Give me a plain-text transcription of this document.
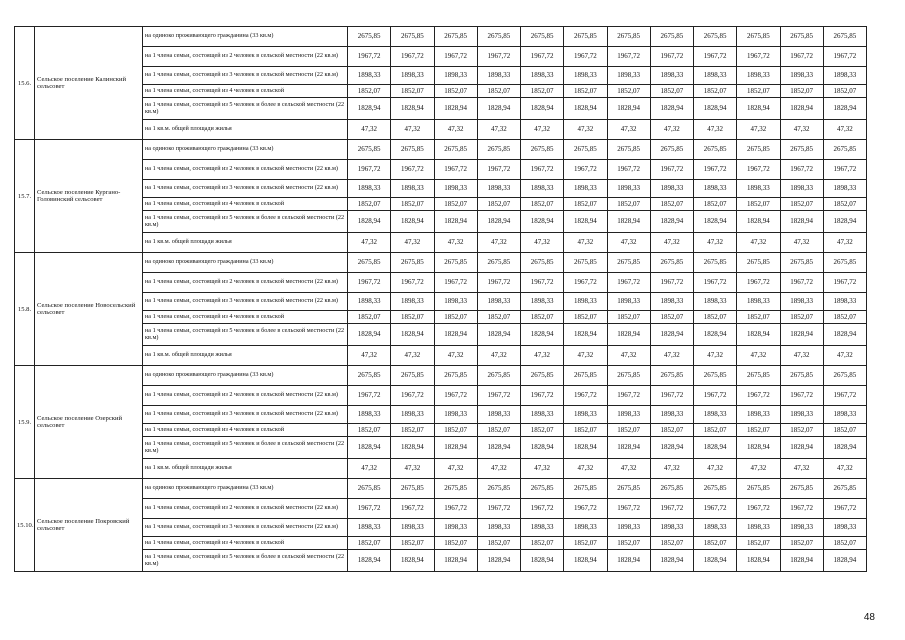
15.6.	Сельское поселение Калинский сельсовет	на одиноко проживающего гражданина (33 кв.м)	2675,85	2675,85	2675,85	2675,85	2675,85	2675,85	2675,85	2675,85	2675,85	2675,85	2675,85	2675,85
		на 1 члена семьи, состоящей из 2 человек в сельской местности (22 кв.м)	1967,72	1967,72	1967,72	1967,72	1967,72	1967,72	1967,72	1967,72	1967,72	1967,72	1967,72	1967,72
		на 1 члена семьи, состоящей из 3 человек в сельской местности (22 кв.м)	1898,33	1898,33	1898,33	1898,33	1898,33	1898,33	1898,33	1898,33	1898,33	1898,33	1898,33	1898,33
		на 1 члена семьи, состоящей из 4 человек в сельской	1852,07	1852,07	1852,07	1852,07	1852,07	1852,07	1852,07	1852,07	1852,07	1852,07	1852,07	1852,07
		на 1 члена семьи, состоящей из 5 человек и более в сельской местности (22 кв.м)	1828,94	1828,94	1828,94	1828,94	1828,94	1828,94	1828,94	1828,94	1828,94	1828,94	1828,94	1828,94
		на 1 кв.м. общей площади жилья	47,32	47,32	47,32	47,32	47,32	47,32	47,32	47,32	47,32	47,32	47,32	47,32
15.7.	Сельское поселение Кургано-Головинский сельсовет	на одиноко проживающего гражданина (33 кв.м)	2675,85	2675,85	2675,85	2675,85	2675,85	2675,85	2675,85	2675,85	2675,85	2675,85	2675,85	2675,85
		на 1 члена семьи, состоящей из 2 человек в сельской местности (22 кв.м)	1967,72	1967,72	1967,72	1967,72	1967,72	1967,72	1967,72	1967,72	1967,72	1967,72	1967,72	1967,72
		на 1 члена семьи, состоящей из 3 человек в сельской местности (22 кв.м)	1898,33	1898,33	1898,33	1898,33	1898,33	1898,33	1898,33	1898,33	1898,33	1898,33	1898,33	1898,33
		на 1 члена семьи, состоящей из 4 человек в сельской	1852,07	1852,07	1852,07	1852,07	1852,07	1852,07	1852,07	1852,07	1852,07	1852,07	1852,07	1852,07
		на 1 члена семьи, состоящей из 5 человек и более в сельской местности (22 кв.м)	1828,94	1828,94	1828,94	1828,94	1828,94	1828,94	1828,94	1828,94	1828,94	1828,94	1828,94	1828,94
		на 1 кв.м. общей площади жилья	47,32	47,32	47,32	47,32	47,32	47,32	47,32	47,32	47,32	47,32	47,32	47,32
15.8.	Сельское поселение Новосельский сельсовет	на одиноко проживающего гражданина (33 кв.м)	2675,85	2675,85	2675,85	2675,85	2675,85	2675,85	2675,85	2675,85	2675,85	2675,85	2675,85	2675,85
		на 1 члена семьи, состоящей из 2 человек в сельской местности (22 кв.м)	1967,72	1967,72	1967,72	1967,72	1967,72	1967,72	1967,72	1967,72	1967,72	1967,72	1967,72	1967,72
		на 1 члена семьи, состоящей из 3 человек в сельской местности (22 кв.м)	1898,33	1898,33	1898,33	1898,33	1898,33	1898,33	1898,33	1898,33	1898,33	1898,33	1898,33	1898,33
		на 1 члена семьи, состоящей из 4 человек в сельской	1852,07	1852,07	1852,07	1852,07	1852,07	1852,07	1852,07	1852,07	1852,07	1852,07	1852,07	1852,07
		на 1 члена семьи, состоящей из 5 человек и более в сельской местности (22 кв.м)	1828,94	1828,94	1828,94	1828,94	1828,94	1828,94	1828,94	1828,94	1828,94	1828,94	1828,94	1828,94
		на 1 кв.м. общей площади жилья	47,32	47,32	47,32	47,32	47,32	47,32	47,32	47,32	47,32	47,32	47,32	47,32
15.9.	Сельское поселение Озерский сельсовет	на одиноко проживающего гражданина (33 кв.м)	2675,85	2675,85	2675,85	2675,85	2675,85	2675,85	2675,85	2675,85	2675,85	2675,85	2675,85	2675,85
		на 1 члена семьи, состоящей из 2 человек в сельской местности (22 кв.м)	1967,72	1967,72	1967,72	1967,72	1967,72	1967,72	1967,72	1967,72	1967,72	1967,72	1967,72	1967,72
		на 1 члена семьи, состоящей из 3 человек в сельской местности (22 кв.м)	1898,33	1898,33	1898,33	1898,33	1898,33	1898,33	1898,33	1898,33	1898,33	1898,33	1898,33	1898,33
		на 1 члена семьи, состоящей из 4 человек в сельской	1852,07	1852,07	1852,07	1852,07	1852,07	1852,07	1852,07	1852,07	1852,07	1852,07	1852,07	1852,07
		на 1 члена семьи, состоящей из 5 человек и более в сельской местности (22 кв.м)	1828,94	1828,94	1828,94	1828,94	1828,94	1828,94	1828,94	1828,94	1828,94	1828,94	1828,94	1828,94
		на 1 кв.м. общей площади жилья	47,32	47,32	47,32	47,32	47,32	47,32	47,32	47,32	47,32	47,32	47,32	47,32
15.10.	Сельское поселение Покровский сельсовет	на одиноко проживающего гражданина (33 кв.м)	2675,85	2675,85	2675,85	2675,85	2675,85	2675,85	2675,85	2675,85	2675,85	2675,85	2675,85	2675,85
		на 1 члена семьи, состоящей из 2 человек в сельской местности (22 кв.м)	1967,72	1967,72	1967,72	1967,72	1967,72	1967,72	1967,72	1967,72	1967,72	1967,72	1967,72	1967,72
		на 1 члена семьи, состоящей из 3 человек в сельской местности (22 кв.м)	1898,33	1898,33	1898,33	1898,33	1898,33	1898,33	1898,33	1898,33	1898,33	1898,33	1898,33	1898,33
		на 1 члена семьи, состоящей из 4 человек в сельской	1852,07	1852,07	1852,07	1852,07	1852,07	1852,07	1852,07	1852,07	1852,07	1852,07	1852,07	1852,07
		на 1 члена семьи, состоящей из 5 человек и более в сельской местности (22 кв.м)	1828,94	1828,94	1828,94	1828,94	1828,94	1828,94	1828,94	1828,94	1828,94	1828,94	1828,94	1828,94
48
